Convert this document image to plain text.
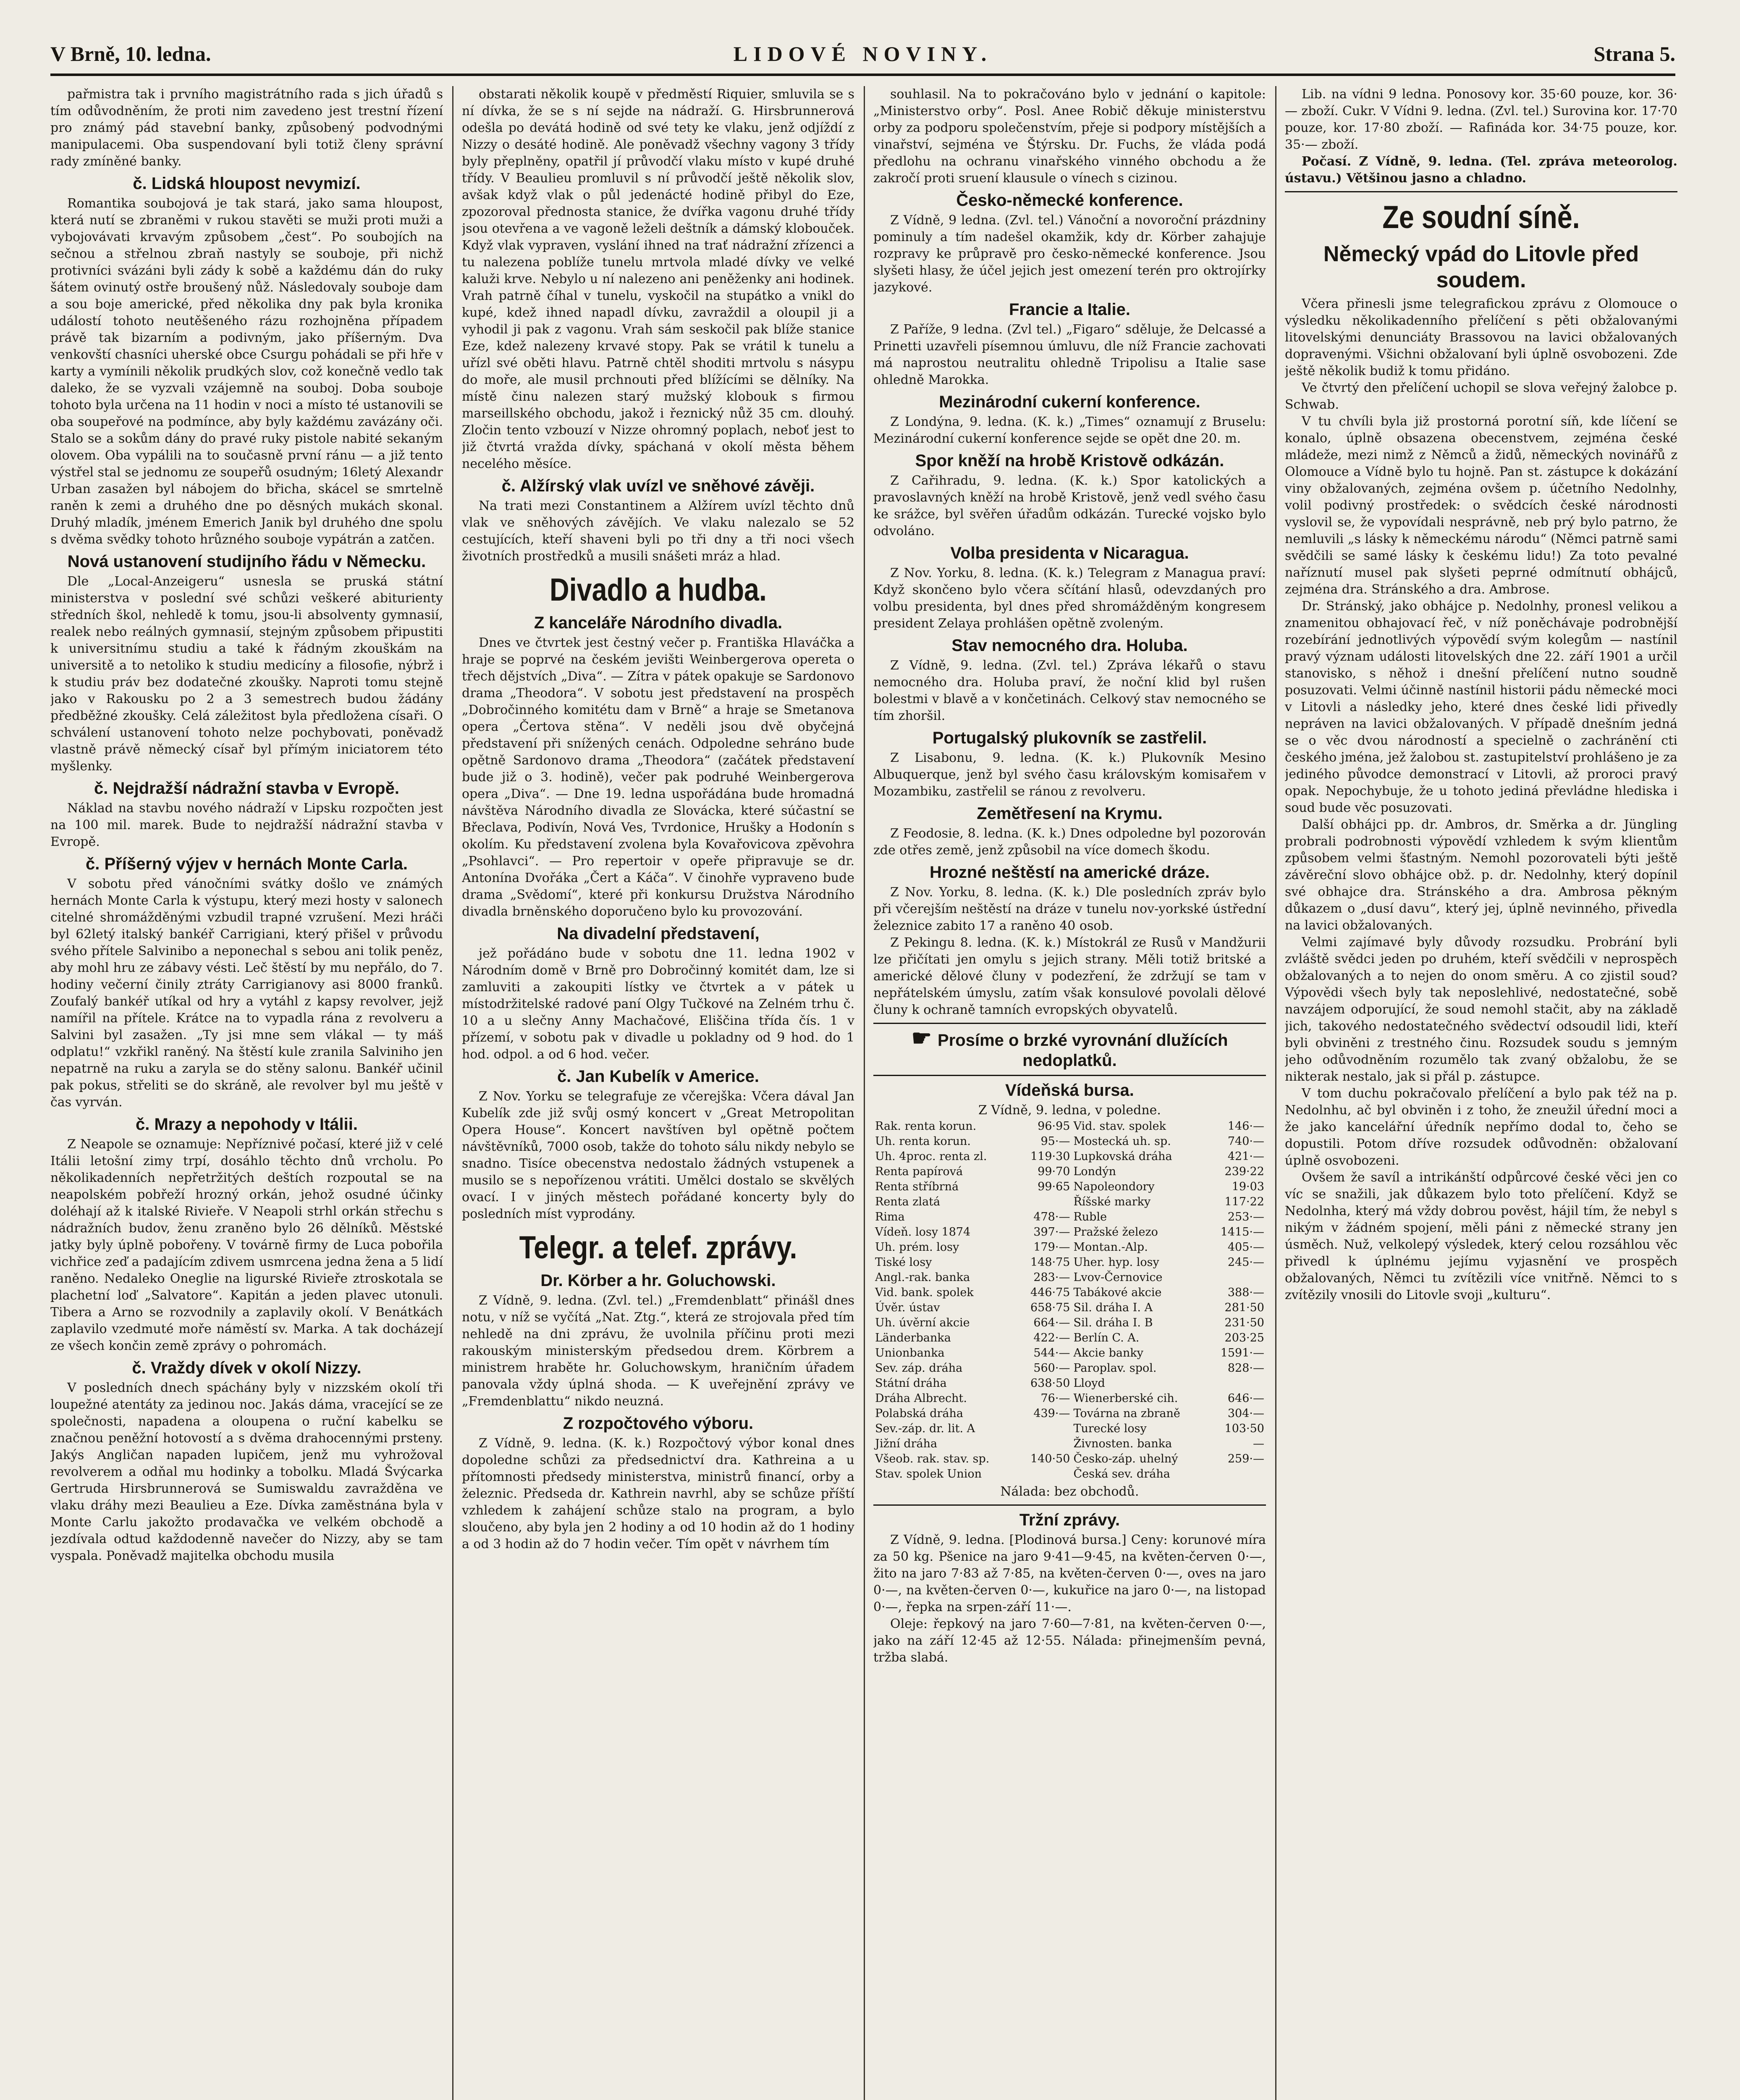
V Brně, 10. ledna.	LIDOVÉ NOVINY.	Strana 5.

pařmistra tak i prvního magistrátního rada s jich úřadů s tím odůvodněním, že proti nim zavedeno jest trestní řízení pro známý pád stavební banky, způsobený podvodnými manipulacemi. Oba suspendovaní byli totiž členy správní rady zmíněné banky.

č. Lidská hloupost nevymizí.

Romantika soubojová je tak stará, jako sama hloupost, která nutí se zbraněmi v rukou stavěti se muži proti muži a vybojovávati krvavým způsobem „čest“. Po soubojích na sečnou a střelnou zbraň nastyly se souboje, při nichž protivníci svázáni byli zády k sobě a každému dán do ruky šátem ovinutý ostře broušený nůž. Následovaly souboje dam a sou boje americké, před několika dny pak byla kronika událostí tohoto neutěšeného rázu rozhojněna případem právě tak bizarním a podivným, jako příšerným. Dva venkovští chasníci uherské obce Csurgu pohádali se při hře v karty a vymínili několik prudkých slov, což konečně vedlo tak daleko, že se vyzvali vzájemně na souboj. Doba souboje tohoto byla určena na 11 hodin v noci a místo té ustanovili se oba soupeřové na podmínce, aby byly každému zavázány oči. Stalo se a sokům dány do pravé ruky pistole nabité sekaným olovem. Oba vypálili na to současně první ránu — a již tento výstřel stal se jednomu ze soupeřů osudným; 16letý Alexandr Urban zasažen byl nábojem do břicha, skácel se smrtelně raněn k zemi a druhého dne po děsných mukách skonal. Druhý mladík, jménem Emerich Janik byl druhého dne spolu s dvěma svědky tohoto hrůzného souboje vypátrán a zatčen.

Nová ustanovení studijního řádu v Německu.

Dle „Local-Anzeigeru“ usnesla se pruská státní ministerstva v poslední své schůzi veškeré abiturienty středních škol, nehledě k tomu, jsou-li absolventy gymnasií, realek nebo reálných gymnasií, stejným způsobem připustiti k universitnímu studiu a také k řádným zkouškám na universitě a to netoliko k studiu medicíny a filosofie, nýbrž i k studiu práv bez dodatečné zkoušky. Naproti tomu stejně jako v Rakousku po 2 a 3 semestrech budou žádány předběžné zkoušky. Celá záležitost byla předložena císaři. O schválení ustanovení tohoto nelze pochybovati, poněvadž vlastně právě německý císař byl přímým iniciatorem této myšlenky.

č. Nejdražší nádražní stavba v Evropě.

Náklad na stavbu nového nádraží v Lipsku rozpočten jest na 100 mil. marek. Bude to nejdražší nádražní stavba v Evropě.

č. Příšerný výjev v hernách Monte Carla.

V sobotu před vánočními svátky došlo ve známých hernách Monte Carla k výstupu, který mezi hosty v salonech citelné shromážděnými vzbudil trapné vzrušení. Mezi hráči byl 62letý italský bankéř Carrigiani, který přišel v průvodu svého přítele Salvinibo a neponechal s sebou ani tolik peněz, aby mohl hru ze zábavy vésti. Leč štěstí by mu nepřálo, do 7. hodiny večerní činily ztráty Carrigianovy asi 8000 franků. Zoufalý bankéř utíkal od hry a vytáhl z kapsy revolver, jejž namířil na přítele. Krátce na to vypadla rána z revolveru a Salvini byl zasažen. „Ty jsi mne sem vlákal — ty máš odplatu!“ vzkřikl raněný. Na štěstí kule zranila Salviniho jen nepatrně na ruku a zaryla se do stěny salonu. Bankéř učinil pak pokus, střeliti se do skráně, ale revolver byl mu ještě v čas vyrván.

č. Mrazy a nepohody v Itálii.

Z Neapole se oznamuje: Nepříznivé počasí, které již v celé Itálii letošní zimy trpí, dosáhlo těchto dnů vrcholu. Po několikadenních nepřetržitých deštích rozpoutal se na neapolském pobřeží hrozný orkán, jehož osudné účinky doléhají až k italské Rivieře. V Neapoli strhl orkán střechu s nádražních budov, ženu zraněno bylo 26 dělníků. Městské jatky byly úplně pobořeny. V továrně firmy de Luca pobořila vichřice zeď a padajícím zdivem usmrcena jedna žena a 5 lidí raněno. Nedaleko Oneglie na ligurské Rivieře ztroskotala se plachetní loď „Salvatore“. Kapitán a jeden plavec utonuli. Tibera a Arno se rozvodnily a zaplavily okolí. V Benátkách zaplavilo vzedmuté moře náměstí sv. Marka. A tak docházejí ze všech končin země zprávy o pohromách.

č. Vraždy dívek v okolí Nizzy.

V posledních dnech spáchány byly v nizzském okolí tři loupežné atentáty za jedinou noc. Jakás dáma, vracející se ze společnosti, napadena a oloupena o ruční kabelku se značnou peněžní hotovostí a s dvěma drahocennými prsteny. Jakýs Angličan napaden lupičem, jenž mu vyhrožoval revolverem a odňal mu hodinky a tobolku. Mladá Švýcarka Gertruda Hirsbrunnerová se Sumiswaldu zavražděna ve vlaku dráhy mezi Beaulieu a Eze. Dívka zaměstnána byla v Monte Carlu jakožto prodavačka ve velkém obchodě a jezdívala odtud každodenně navečer do Nizzy, aby se tam vyspala. Poněvadž majitelka obchodu musila

obstarati několik koupě v předměstí Riquier, smluvila se s ní dívka, že se s ní sejde na nádraží. G. Hirsbrunnerová odešla po devátá hodině od své tety ke vlaku, jenž odjíždí z Nizzy o desáté hodině. Ale poněvadž všechny vagony 3 třídy byly přeplněny, opatřil jí průvodčí vlaku místo v kupé druhé třídy. V Beaulieu promluvil s ní průvodčí ještě několik slov, avšak když vlak o půl jedenácté hodině přibyl do Eze, zpozoroval přednosta stanice, že dvířka vagonu druhé třídy jsou otevřena a ve vagoně leželi deštník a dámský klobouček. Když vlak vypraven, vyslání ihned na trať nádražní zřízenci a tu nalezena poblíže tunelu mrtvola mladé dívky ve velké kaluži krve. Nebylo u ní nalezeno ani peněženky ani hodinek. Vrah patrně číhal v tunelu, vyskočil na stupátko a vnikl do kupé, kdež ihned napadl dívku, zavraždil a oloupil ji a vyhodil ji pak z vagonu. Vrah sám seskočil pak blíže stanice Eze, kdež nalezeny krvavé stopy. Pak se vrátil k tunelu a uřízl své oběti hlavu. Patrně chtěl shoditi mrtvolu s násypu do moře, ale musil prchnouti před blížícími se dělníky. Na místě činu nalezen starý mužský klobouk s firmou marseillského obchodu, jakož i řeznický nůž 35 cm. dlouhý. Zločin tento vzbouzí v Nizze ohromný poplach, neboť jest to již čtvrtá vražda dívky, spáchaná v okolí města během necelého měsíce.

č. Alžírský vlak uvízl ve sněhové závěji.

Na trati mezi Constantinem a Alžírem uvízl těchto dnů vlak ve sněhových závějích. Ve vlaku nalezalo se 52 cestujících, kteří shaveni byli po tři dny a tři noci všech životních prostředků a musili snášeti mráz a hlad.

Divadlo a hudba.

Z kanceláře Národního divadla.

Dnes ve čtvrtek jest čestný večer p. Františka Hlaváčka a hraje se poprvé na českém jevišti Weinbergerova opereta o třech dějstvích „Diva“. — Zítra v pátek opakuje se Sardonovo drama „Theodora“. V sobotu jest představení na prospěch „Dobročinného komitétu dam v Brně“ a hraje se Smetanova opera „Čertova stěna“. V neděli jsou dvě obyčejná představení při snížených cenách. Odpoledne sehráno bude opětně Sardonovo drama „Theodora“ (začátek představení bude již o 3. hodině), večer pak podruhé Weinbergerova opera „Diva“. — Dne 19. ledna uspořádána bude hromadná návštěva Národního divadla ze Slovácka, které súčastní se Břeclava, Podivín, Nová Ves, Tvrdonice, Hrušky a Hodonín s okolím. Ku představení zvolena byla Kovařovicova zpěvohra „Psohlavci“. — Pro repertoir v opeře připravuje se dr. Antonína Dvořáka „Čert a Káča“. V činohře vypraveno bude drama „Svědomí“, které při konkursu Družstva Národního divadla brněnského doporučeno bylo ku provozování.

Na divadelní představení,

jež pořádáno bude v sobotu dne 11. ledna 1902 v Národním domě v Brně pro Dobročinný komitét dam, lze si zamluviti a zakoupiti lístky ve čtvrtek a v pátek u místodržitelské radové paní Olgy Tučkové na Zelném trhu č. 10 a u slečny Anny Machačové, Eliščina třída čís. 1 v přízemí, v sobotu pak v divadle u pokladny od 9 hod. do 1 hod. odpol. a od 6 hod. večer.

č. Jan Kubelík v Americe.

Z Nov. Yorku se telegrafuje ze včerejška: Včera dával Jan Kubelík zde již svůj osmý koncert v „Great Metropolitan Opera House“. Koncert navštíven byl opětně počtem návštěvníků, 7000 osob, takže do tohoto sálu nikdy nebylo se snadno. Tisíce obecenstva nedostalo žádných vstupenek a musilo se s nepořízenou vrátiti. Umělci dostalo se skvělých ovací. I v jiných městech pořádané koncerty byly do posledních míst vyprodány.

Telegr. a telef. zprávy.

Dr. Körber a hr. Goluchowski.

Z Vídně, 9. ledna. (Zvl. tel.) „Fremdenblatt“ přinášl dnes notu, v níž se vyčítá „Nat. Ztg.“, která ze strojovala před tím nehledě na dni zprávu, že uvolnila příčinu proti mezi rakouským ministerským předsedou drem. Körbrem a ministrem hraběte hr. Goluchowskym, hraničním úřadem panovala vždy úplná shoda. — K uveřejnění zprávy ve „Fremdenblattu“ nikdo neuzná.

Z rozpočtového výboru.

Z Vídně, 9. ledna. (K. k.) Rozpočtový výbor konal dnes dopoledne schůzi za předsednictví dra. Kathreina a u přítomnosti předsedy ministerstva, ministrů financí, orby a železnic. Předseda dr. Kathrein navrhl, aby se schůze příští vzhledem k zahájení schůze stalo na program, a bylo sloučeno, aby byla jen 2 hodiny a od 10 hodin až do 1 hodiny a od 3 hodin až do 7 hodin večer. Tím opět v návrhem tím

souhlasil. Na to pokračováno bylo v jednání o kapitole: „Ministerstvo orby“. Posl. Anee Robič děkuje ministerstvu orby za podporu společenstvím, přeje si podpory místějších a vinařství, sejména ve Štýrsku. Dr. Fuchs, že vláda podá předlohu na ochranu vinařského vinného obchodu a že zakročí proti sruení klausule o vínech s cizinou.

Česko-německé konference.

Z Vídně, 9 ledna. (Zvl. tel.) Vánoční a novoroční prázdniny pominuly a tím nadešel okamžik, kdy dr. Körber zahajuje rozpravy ke průpravě pro česko-německé konference. Jsou slyšeti hlasy, že účel jejich jest omezení terén pro oktrojírky jazykové.

Francie a Italie.

Z Paříže, 9 ledna. (Zvl tel.) „Figaro“ sděluje, že Delcassé a Prinetti uzavřeli písemnou úmluvu, dle níž Francie zachovati má naprostou neutralitu ohledně Tripolisu a Italie sase ohledně Marokka.

Mezinárodní cukerní konference.

Z Londýna, 9. ledna. (K. k.) „Times“ oznamují z Bruselu: Mezinárodní cukerní konference sejde se opět dne 20. m.

Spor kněží na hrobě Kristově odkázán.

Z Cařihradu, 9. ledna. (K. k.) Spor katolických a pravoslavných kněží na hrobě Kristově, jenž vedl svého času ke srážce, byl svěřen úřadům odkázán. Turecké vojsko bylo odvoláno.

Volba presidenta v Nicaragua.

Z Nov. Yorku, 8. ledna. (K. k.) Telegram z Managua praví: Když skončeno bylo včera sčítání hlasů, odevzdaných pro volbu presidenta, byl dnes před shromážděným kongresem president Zelaya prohlášen opětně zvoleným.

Stav nemocného dra. Holuba.

Z Vídně, 9. ledna. (Zvl. tel.) Zpráva lékařů o stavu nemocného dra. Holuba praví, že noční klid byl rušen bolestmi v blavě a v končetinách. Celkový stav nemocného se tím zhoršil.

Portugalský plukovník se zastřelil.

Z Lisabonu, 9. ledna. (K. k.) Plukovník Mesino Albuquerque, jenž byl svého času královským komisařem v Mozambiku, zastřelil se ránou z revolveru.

Zemětřesení na Krymu.

Z Feodosie, 8. ledna. (K. k.) Dnes odpoledne byl pozorován zde otřes země, jenž způsobil na více domech škodu.

Hrozné neštěstí na americké dráze.

Z Nov. Yorku, 8. ledna. (K. k.) Dle posledních zpráv bylo při včerejším neštěstí na dráze v tunelu nov-yorkské ústřední železnice zabito 17 a raněno 40 osob.

Z Pekingu 8. ledna. (K. k.) Místokrál ze Rusů v Mandžurii lze přičítati jen omylu s jejich strany. Měli totiž britské a americké dělové čluny v podezření, že zdržují se tam v nepřátelském úmyslu, zatím však konsulové povolali dělové čluny k ochraně tamních evropských obyvatelů.

☛ Prosíme o brzké vyrovnání dlužících nedoplatků.

Vídeňská bursa.

Z Vídně, 9. ledna, v poledne.

Rak. renta korun.	96·95	Vid. stav. spolek	146·—
Uh. renta korun.	95·—	Mostecká uh. sp.	740·—
Uh. 4proc. renta zl.	119·30	Lupkovská dráha	421·—
Renta papírová	99·70	Londýn	239·22
Renta stříbrná	99·65	Napoleondory	19·03
Renta zlatá		Říšské marky	117·22
Rima	478·—	Ruble	253·—
Vídeň. losy 1874	397·—	Pražské železo	1415·—
Uh. prém. losy	179·—	Montan.-Alp.	405·—
Tiské losy	148·75	Uher. hyp. losy	245·—
Angl.-rak. banka	283·—	Lvov-Černovice	
Vid. bank. spolek	446·75	Tabákové akcie	388·—
Úvěr. ústav	658·75	Sil. dráha I. A	281·50
Uh. úvěrní akcie	664·—	Sil. dráha I. B	231·50
Länderbanka	422·—	Berlín C. A.	203·25
Unionbanka	544·—	Akcie banky	1591·—
Sev. záp. dráha	560·—	Paroplav. spol.	828·—
Státní dráha	638·50	Lloyd	
Dráha Albrecht.	76·—	Wienerberské cih.	646·—
Polabská dráha	439·—	Továrna na zbraně	304·—
Sev.-záp. dr. lit. A		Turecké losy	103·50
Jižní dráha		Živnosten. banka	—
Všeob. rak. stav. sp.	140·50	Česko-záp. uhelný	259·—
Stav. spolek Union		Česká sev. dráha	

Nálada: bez obchodů.

Tržní zprávy.

Z Vídně, 9. ledna. [Plodinová bursa.] Ceny: korunové míra za 50 kg. Pšenice na jaro 9·41—9·45, na květen-červen 0·—, žito na jaro 7·83 až 7·85, na květen-červen 0·—, oves na jaro 0·—, na květen-červen 0·—, kukuřice na jaro 0·—, na listopad 0·—, řepka na srpen-září 11·—.

Oleje: řepkový na jaro 7·60—7·81, na květen-červen 0·—, jako na září 12·45 až 12·55. Nálada: přinejmenším pevná, tržba slabá.

Lib. na vídni 9 ledna. Ponosovy kor. 35·60 pouze, kor. 36·— zboží. Cukr. V Vídni 9. ledna. (Zvl. tel.) Surovina kor. 17·70 pouze, kor. 17·80 zboží. — Rafináda kor. 34·75 pouze, kor. 35·— zboží.

Počasí. Z Vídně, 9. ledna. (Tel. zpráva meteorolog. ústavu.) Většinou jasno a chladno.

Ze soudní síně.
Německý vpád do Litovle před soudem.

Včera přinesli jsme telegrafickou zprávu z Olomouce o výsledku několikadenního přelíčení s pěti obžalovanými litovelskými denunciáty Brassovou na lavici obžalovaných dopravenými. Všichni obžalovaní byli úplně osvobozeni. Zde ještě několik budiž k tomu přidáno.

Ve čtvrtý den přelíčení uchopil se slova veřejný žalobce p. Schwab.

V tu chvíli byla již prostorná porotní síň, kde líčení se konalo, úplně obsazena obecenstvem, zejména české mládeže, mezi nimž z Němců a židů, německých novinářů z Olomouce a Vídně bylo tu hojně. Pan st. zástupce k dokázání viny obžalovaných, zejména ovšem p. účetního Nedolnhy, volil podivný prostředek: o svědcích české národnosti vyslovil se, že vypovídali nesprávně, neb prý bylo patrno, že nemluvili „s lásky k německému národu“ (Němci patrně sami svědčili se samé lásky k českému lidu!) Za toto pevalné naříznutí musel pak slyšeti peprné odmítnutí obhájců, zejména dra. Stránského a dra. Ambrose.

Dr. Stránský, jako obhájce p. Nedolnhy, pronesl velikou a znamenitou obhajovací řeč, v níž poněchávaje podrobnější rozebírání jednotlivých výpovědí svým kolegům — nastínil pravý význam události litovelských dne 22. září 1901 a určil stanovisko, s něhož i dnešní přelíčení nutno soudně posuzovati. Velmi účinně nastínil historii pádu německé moci v Litovli a následky jeho, které dnes české lidi přivedly nepráven na lavici obžalovaných. V případě dnešním jedná se o věc dvou národností a specielně o zachránění cti českého jména, jež žalobou st. zastupitelství prohlášeno je za jediného původce demonstrací v Litovli, až proroci pravý opak. Nepochybuje, že u tohoto jediná převládne hlediska i soud bude věc posuzovati.

Další obhájci pp. dr. Ambros, dr. Směrka a dr. Jüngling probrali podrobnosti výpovědí vzhledem k svým klientům způsobem velmi šťastným. Nemohl pozorovateli býti ještě závěreční slovo obhájce obž. p. dr. Nedolnhy, který dopínil své obhajce dra. Stránského a dra. Ambrosa pěkným důkazem o „dusí davu“, který jej, úplně nevinného, přivedla na lavici obžalovaných.

Velmi zajímavé byly důvody rozsudku. Probrání byli zvláště svědci jeden po druhém, kteří svědčili v neprospěch obžalovaných a to nejen do onom směru. A co zjistil soud? Výpovědi všech byly tak neposlehlivé, nedostatečné, sobě navzájem odporující, že soud nemohl stačit, aby na základě jich, takového nedostatečného svědectví odsoudil lidi, kteří byli obviněni z trestného činu. Rozsudek soudu s jemným jeho odůvodněním rozumělo tak zvaný obžalobu, že se nikterak nestalo, jak si přál p. zástupce.

V tom duchu pokračovalo přelíčení a bylo pak též na p. Nedolnhu, ač byl obviněn i z toho, že zneužil úřední moci a že jako kancelářní úředník nepřímo dodal to, čeho se dopustili. Potom dříve rozsudek odůvodněn: obžalovaní úplně osvobozeni.

Ovšem že savíl a intrikánští odpůrcové české věci jen co víc se snažili, jak důkazem bylo toto přelíčení. Když se Nedolnha, který má vždy dobrou pověst, hájil tím, že nebyl s nikým v žádném spojení, měli páni z německé strany jen úsměch. Nuž, velkolepý výsledek, který celou rozsáhlou věc přivedl k úplnému jejímu vyjasnění ve prospěch obžalovaných, Němci tu zvítězili více vnitřně. Němci to s zvítězily vnosili do Litovle svoji „kulturu“.
